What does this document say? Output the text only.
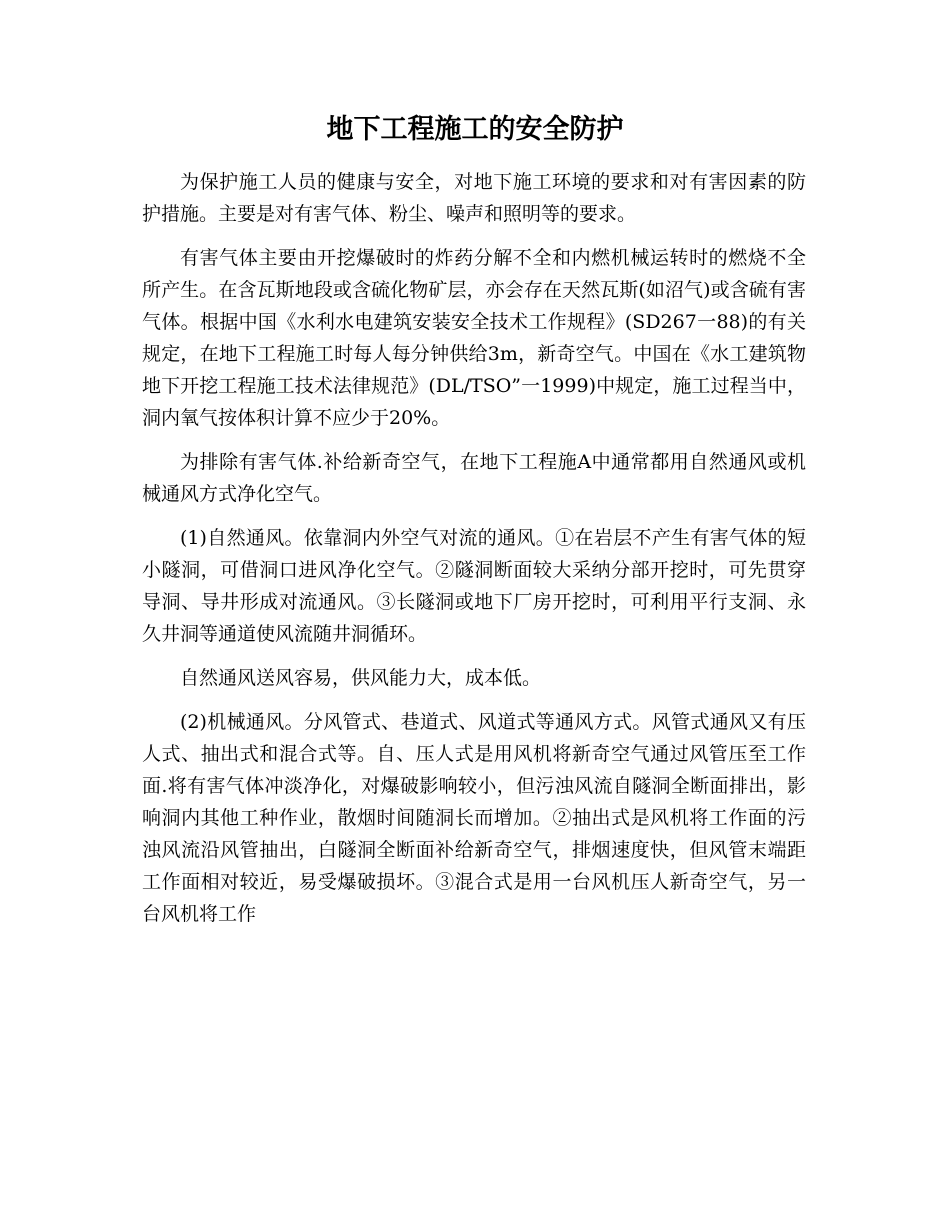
地下工程施工的安全防护

为保护施工人员的健康与安全，对地下施工环境的要求和对有害因素的防护措施。主要是对有害气体、粉尘、噪声和照明等的要求。

有害气体主要由开挖爆破时的炸药分解不全和内燃机械运转时的燃烧不全所产生。在含瓦斯地段或含硫化物矿层，亦会存在天然瓦斯(如沼气)或含硫有害气体。根据中国《水利水电建筑安装安全技术工作规程》(SD267一88)的有关规定，在地下工程施工时每人每分钟供给3m，新奇空气。中国在《水工建筑物地下开挖工程施工技术法律规范》(DL/TSO”一1999)中规定，施工过程当中，洞内氧气按体积计算不应少于20%。

为排除有害气体.补给新奇空气，在地下工程施A中通常都用自然通风或机械通风方式净化空气。

(1)自然通风。依靠洞内外空气对流的通风。①在岩层不产生有害气体的短小隧洞，可借洞口进风净化空气。②隧洞断面较大采纳分部开挖时，可先贯穿导洞、导井形成对流通风。③长隧洞或地下厂房开挖时，可利用平行支洞、永久井洞等通道使风流随井洞循环。

自然通风送风容易，供风能力大，成本低。

(2)机械通风。分风管式、巷道式、风道式等通风方式。风管式通风又有压人式、抽出式和混合式等。自、压人式是用风机将新奇空气通过风管压至工作面.将有害气体冲淡净化，对爆破影响较小，但污浊风流自隧洞全断面排出，影响洞内其他工种作业，散烟时间随洞长而增加。②抽出式是风机将工作面的污浊风流沿风管抽出，白隧洞全断面补给新奇空气，排烟速度快，但风管末端距工作面相对较近，易受爆破损坏。③混合式是用一台风机压人新奇空气，另一台风机将工作
